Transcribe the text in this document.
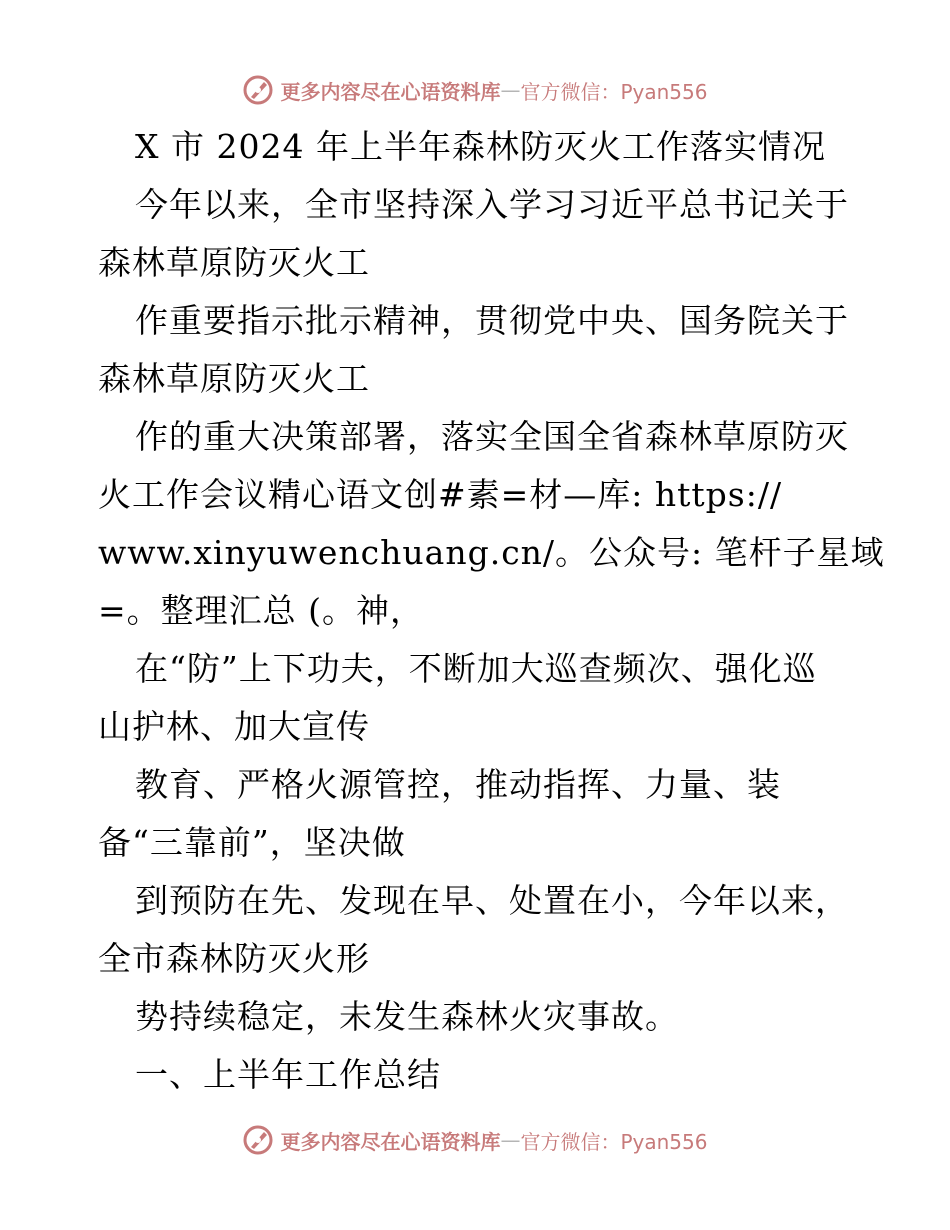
更多内容尽在心语资料库 — 官方微信：Pyan556
X 市 2024 年上半年森林防灭火工作落实情况
今年以来，全市坚持深入学习习近平总书记关于
森林草原防灭火工
作重要指示批示精神，贯彻党中央、国务院关于
森林草原防灭火工
作的重大决策部署，落实全国全省森林草原防灭
火工作会议精心语文创#素=材—库: https://
www.xinyuwenchuang.cn/。公众号: 笔杆子星域
=。整理汇总 (。神，
在“防”上下功夫，不断加大巡查频次、强化巡
山护林、加大宣传
教育、严格火源管控，推动指挥、力量、装
备“三靠前”，坚决做
到预防在先、发现在早、处置在小，今年以来，
全市森林防灭火形
势持续稳定，未发生森林火灾事故。
一、上半年工作总结
更多内容尽在心语资料库 — 官方微信：Pyan556
